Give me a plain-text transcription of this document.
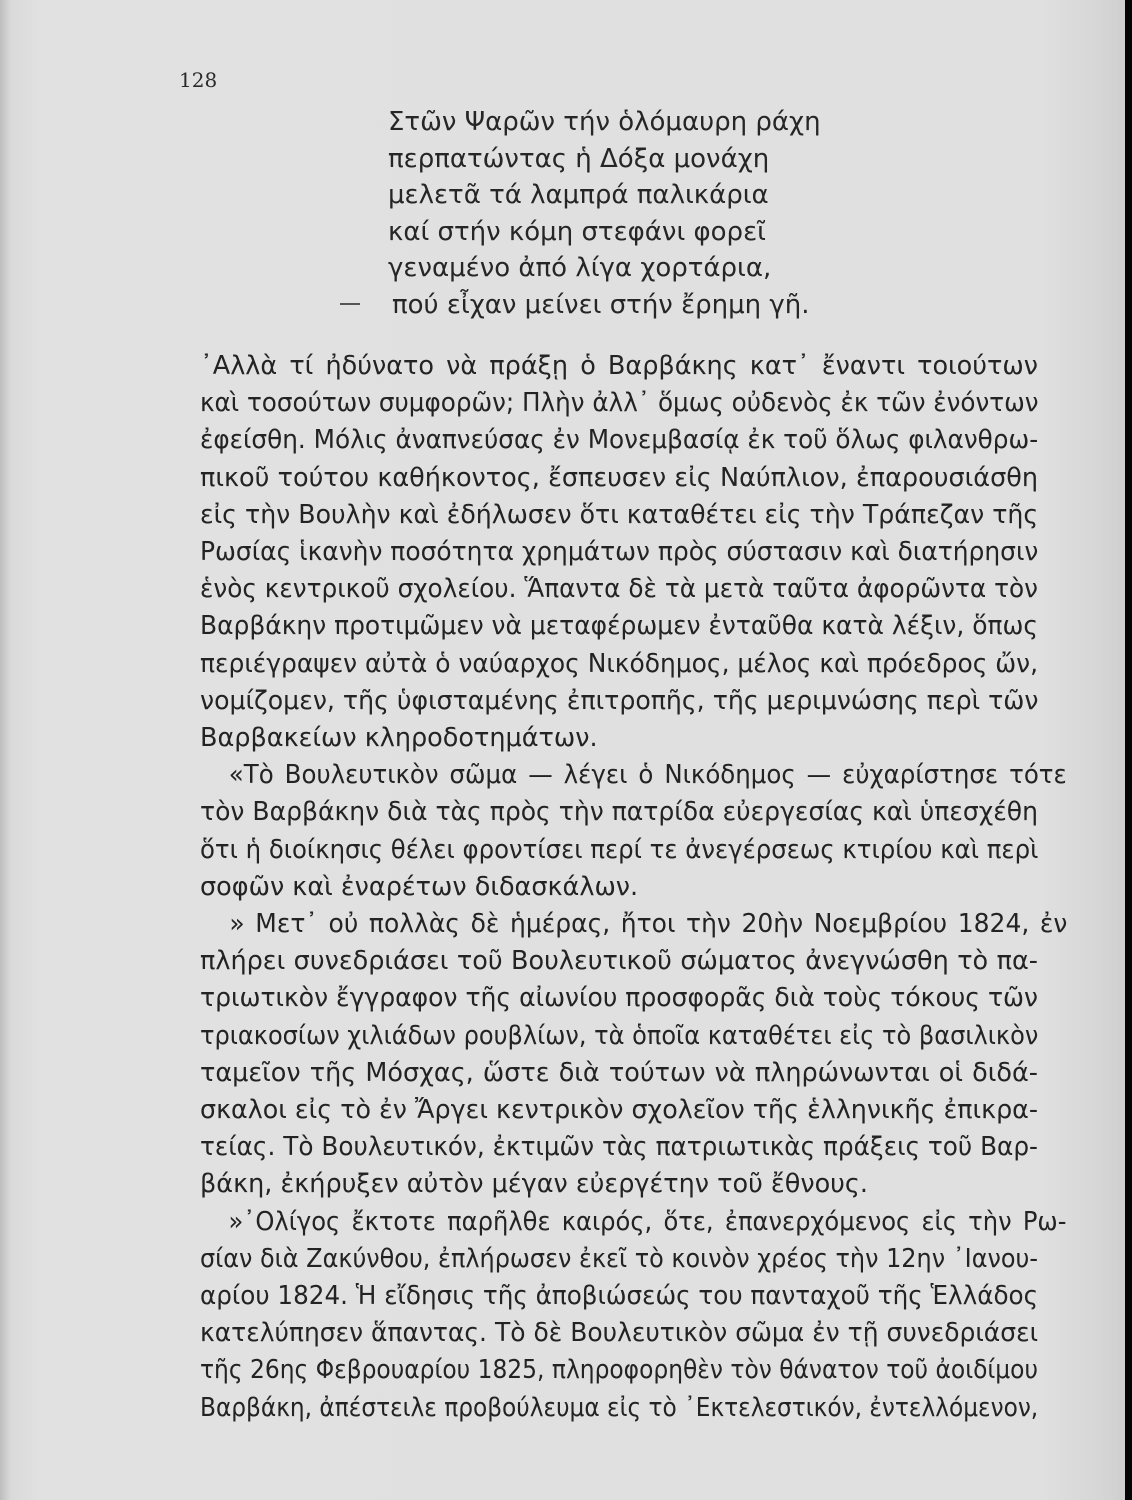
128
Στῶν Ψαρῶν τήν ὁλόμαυρη ράχη
περπατώντας ἡ Δόξα μονάχη
μελετᾶ τά λαμπρά παλικάρια
καί στήν κόμη στεφάνι φορεῖ
γεναμένο ἀπό λίγα χορτάρια,
πού εἶχαν μείνει στήν ἔρημη γῆ.
᾿Αλλὰ τί ἠδύνατο νὰ πράξῃ ὁ Βαρβάκης κατ᾿ ἔναντι τοιούτων
καὶ τοσούτων συμφορῶν; Πλὴν ἀλλ᾿ ὅμως οὐδενὸς ἐκ τῶν ἐνόντων
ἐφείσθη. Μόλις ἀναπνεύσας ἐν Μονεμβασίᾳ ἐκ τοῦ ὅλως φιλανθρω-
πικοῦ τούτου καθήκοντος, ἔσπευσεν εἰς Ναύπλιον, ἐπαρουσιάσθη
εἰς τὴν Βουλὴν καὶ ἐδήλωσεν ὅτι καταθέτει εἰς τὴν Τράπεζαν τῆς
Ρωσίας ἱκανὴν ποσότητα χρημάτων πρὸς σύστασιν καὶ διατήρησιν
ἑνὸς κεντρικοῦ σχολείου. Ἅπαντα δὲ τὰ μετὰ ταῦτα ἀφορῶντα τὸν
Βαρβάκην προτιμῶμεν νὰ μεταφέρωμεν ἐνταῦθα κατὰ λέξιν, ὅπως
περιέγραψεν αὐτὰ ὁ ναύαρχος Νικόδημος, μέλος καὶ πρόεδρος ὤν,
νομίζομεν, τῆς ὑφισταμένης ἐπιτροπῆς, τῆς μεριμνώσης περὶ τῶν
Βαρβακείων κληροδοτημάτων.
«Τὸ Βουλευτικὸν σῶμα — λέγει ὁ Νικόδημος — εὐχαρίστησε τότε
τὸν Βαρβάκην διὰ τὰς πρὸς τὴν πατρίδα εὐεργεσίας καὶ ὑπεσχέθη
ὅτι ἡ διοίκησις θέλει φροντίσει περί τε ἀνεγέρσεως κτιρίου καὶ περὶ
σοφῶν καὶ ἐναρέτων διδασκάλων.
» Μετ᾿ οὐ πολλὰς δὲ ἡμέρας, ἤτοι τὴν 20ὴν Νοεμβρίου 1824, ἐν
πλήρει συνεδριάσει τοῦ Βουλευτικοῦ σώματος ἀνεγνώσθη τὸ πα-
τριωτικὸν ἔγγραφον τῆς αἰωνίου προσφορᾶς διὰ τοὺς τόκους τῶν
τριακοσίων χιλιάδων ρουβλίων, τὰ ὁποῖα καταθέτει εἰς τὸ βασιλικὸν
ταμεῖον τῆς Μόσχας, ὥστε διὰ τούτων νὰ πληρώνωνται οἱ διδά-
σκαλοι εἰς τὸ ἐν Ἄργει κεντρικὸν σχολεῖον τῆς ἑλληνικῆς ἐπικρα-
τείας. Τὸ Βουλευτικόν, ἐκτιμῶν τὰς πατριωτικὰς πράξεις τοῦ Βαρ-
βάκη, ἐκήρυξεν αὐτὸν μέγαν εὐεργέτην τοῦ ἔθνους.
»᾿Ολίγος ἔκτοτε παρῆλθε καιρός, ὅτε, ἐπανερχόμενος εἰς τὴν Ρω-
σίαν διὰ Ζακύνθου, ἐπλήρωσεν ἐκεῖ τὸ κοινὸν χρέος τὴν 12ην ᾿Ιανου-
αρίου 1824. Ἡ εἴδησις τῆς ἀποβιώσεώς του πανταχοῦ τῆς Ἑλλάδος
κατελύπησεν ἅπαντας. Τὸ δὲ Βουλευτικὸν σῶμα ἐν τῇ συνεδριάσει
τῆς 26ης Φεβρουαρίου 1825, πληροφορηθὲν τὸν θάνατον τοῦ ἀοιδίμου
Βαρβάκη, ἀπέστειλε προβούλευμα εἰς τὸ ᾿Εκτελεστικόν, ἐντελλόμενον,
